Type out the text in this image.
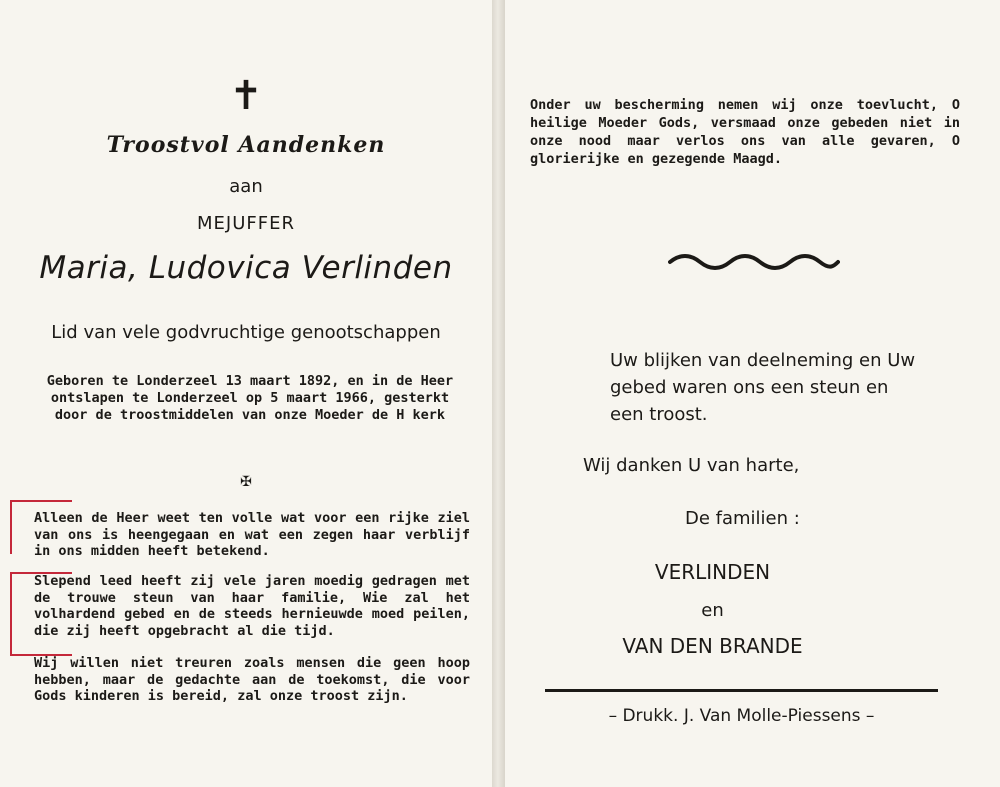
✝

Troostvol Aandenken

aan

MEJUFFER

Maria, Ludovica Verlinden

Lid van vele godvruchtige genootschappen

Geboren te Londerzeel 13 maart 1892, en in de Heer ontslapen te Londerzeel op 5 maart 1966, gesterkt door de troostmiddelen van onze Moeder de H kerk

✠

Alleen de Heer weet ten volle wat voor een rijke ziel van ons is heengegaan en wat een zegen haar verblijf in ons midden heeft betekend.

Slepend leed heeft zij vele jaren moedig gedragen met de trouwe steun van haar familie, Wie zal het volhardend gebed en de steeds hernieuwde moed peilen, die zij heeft opgebracht al die tijd.

Wij willen niet treuren zoals mensen die geen hoop hebben, maar de gedachte aan de toekomst, die voor Gods kinderen is bereid, zal onze troost zijn.

Onder uw bescherming nemen wij onze toevlucht, O heilige Moeder Gods, versmaad onze gebeden niet in onze nood maar verlos ons van alle gevaren, O glorierijke en gezegende Maagd.

Uw blijken van deelneming en Uw gebed waren ons een steun en een troost.

Wij danken U van harte,

De familien :

VERLINDEN

en

VAN DEN BRANDE

– Drukk. J. Van Molle-Piessens –
